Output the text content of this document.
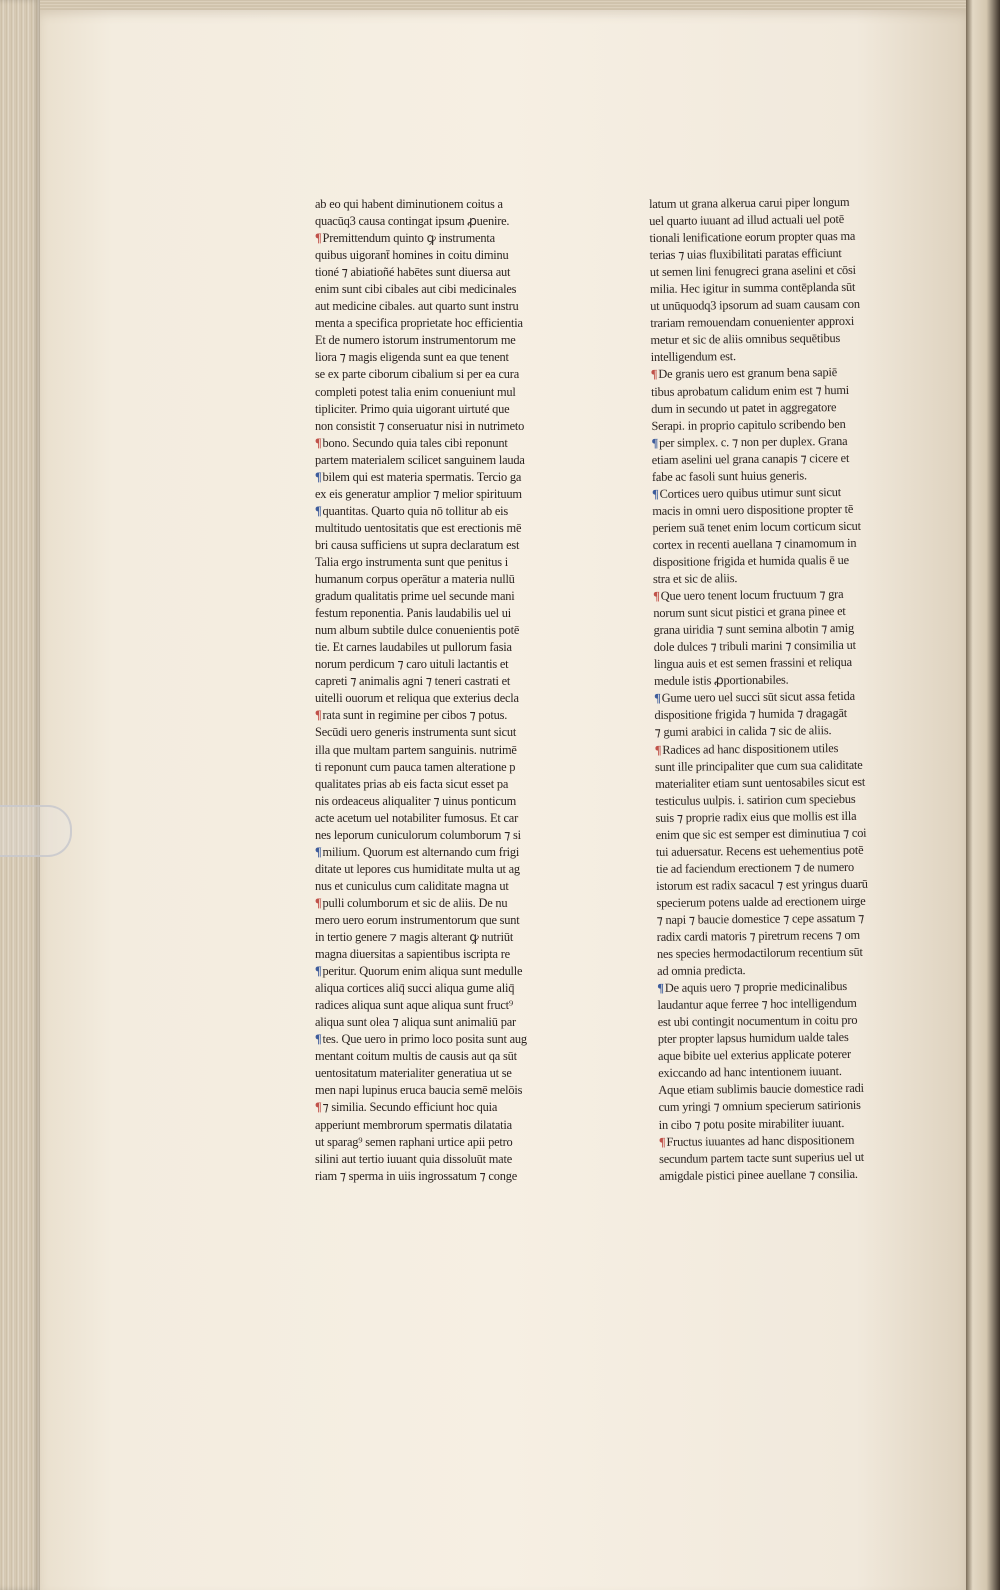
ab eo qui habent diminutionem coitus a
quacūq3 causa contingat ipsum ꝓuenire.
¶Premittendum quinto ꝙ instrumenta
quibus uigorant̄ homines in coitu diminu
tioné ⁊ abiatioñé habētes sunt diuersa aut
enim sunt cibi cibales aut cibi medicinales
aut medicine cibales. aut quarto sunt instru
menta a specifica proprietate hoc efficientia
Et de numero istorum instrumentorum me
liora ⁊ magis eligenda sunt ea que tenent
se ex parte ciborum cibalium si per ea cura
completi potest talia enim conueniunt mul
tipliciter. Primo quia uigorant uirtuté que
non consistit ⁊ conseruatur nisi in nutrimeto
¶bono. Secundo quia tales cibi reponunt
partem materialem scilicet sanguinem lauda
¶bilem qui est materia spermatis. Tercio ga
ex eis generatur amplior ⁊ melior spirituum
¶quantitas. Quarto quia nō tollitur ab eis
multitudo uentositatis que est erectionis mē
bri causa sufficiens ut supra declaratum est
Talia ergo instrumenta sunt que penitus i
humanum corpus operātur a materia nullū
gradum qualitatis prime uel secunde mani
festum reponentia. Panis laudabilis uel ui
num album subtile dulce conuenientis potē
tie. Et carnes laudabiles ut pullorum fasia
norum perdicum ⁊ caro uituli lactantis et
capreti ⁊ animalis agni ⁊ teneri castrati et
uitelli ouorum et reliqua que exterius decla
¶rata sunt in regimine per cibos ⁊ potus.
Secūdi uero generis instrumenta sunt sicut
illa que multam partem sanguinis. nutrimē
ti reponunt cum pauca tamen alteratione p
qualitates prias ab eis facta sicut esset pa
nis ordeaceus aliqualiter ⁊ uinus ponticum
acte acetum uel notabiliter fumosus. Et car
nes leporum cuniculorum columborum ⁊ si
¶milium. Quorum est alternando cum frigi
ditate ut lepores cus humiditate multa ut ag
nus et cuniculus cum caliditate magna ut
¶pulli columborum et sic de aliis. De nu
mero uero eorum instrumentorum que sunt
in tertio genere ⁊ magis alterant ꝙ nutriūt
magna diuersitas a sapientibus iscripta re
¶peritur. Quorum enim aliqua sunt medulle
aliqua cortices aliq̄ succi aliqua gume aliq̄
radices aliqua sunt aque aliqua sunt fruct⁹
aliqua sunt olea ⁊ aliqua sunt animaliū par
¶tes. Que uero in primo loco posita sunt aug
mentant coitum multis de causis aut qa sūt
uentositatum materialiter generatiua ut se
men napi lupinus eruca baucia semē melōis
¶⁊ similia. Secundo efficiunt hoc quia
apperiunt membrorum spermatis dilatatia
ut sparag⁹ semen raphani urtice apii petro
silini aut tertio iuuant quia dissoluūt mate
riam ⁊ sperma in uiis ingrossatum ⁊ conge
latum ut grana alkerua carui piper longum
uel quarto iuuant ad illud actuali uel potē
tionali lenificatione eorum propter quas ma
terias ⁊ uias fluxibilitati paratas efficiunt
ut semen lini fenugreci grana aselini et cōsi
milia. Hec igitur in summa contēplanda sūt
ut unūquodq3 ipsorum ad suam causam con
trariam remouendam conuenienter approxi
metur et sic de aliis omnibus sequētibus
intelligendum est.
¶De granis uero est granum bena sapiē
tibus aprobatum calidum enim est ⁊ humi
dum in secundo ut patet in aggregatore
Serapi. in proprio capitulo scribendo ben
¶per simplex. c. ⁊ non per duplex. Grana
etiam aselini uel grana canapis ⁊ cicere et
fabe ac fasoli sunt huius generis.
¶Cortices uero quibus utimur sunt sicut
macis in omni uero dispositione propter tē
periem suā tenet enim locum corticum sicut
cortex in recenti auellana ⁊ cinamomum in
dispositione frigida et humida qualis ē ue
stra et sic de aliis.
¶Que uero tenent locum fructuum ⁊ gra
norum sunt sicut pistici et grana pinee et
grana uiridia ⁊ sunt semina albotin ⁊ amig
dole dulces ⁊ tribuli marini ⁊ consimilia ut
lingua auis et est semen frassini et reliqua
medule istis ꝓportionabiles.
¶Gume uero uel succi sūt sicut assa fetida
dispositione frigida ⁊ humida ⁊ dragagāt
⁊ gumi arabici in calida ⁊ sic de aliis.
¶Radices ad hanc dispositionem utiles
sunt ille principaliter que cum sua caliditate
materialiter etiam sunt uentosabiles sicut est
testiculus uulpis. i. satirion cum speciebus
suis ⁊ proprie radix eius que mollis est illa
enim que sic est semper est diminutiua ⁊ coi
tui aduersatur. Recens est uehementius potē
tie ad faciendum erectionem ⁊ de numero
istorum est radix sacacul ⁊ est yringus duarū
specierum potens ualde ad erectionem uirge
⁊ napi ⁊ baucie domestice ⁊ cepe assatum ⁊
radix cardi matoris ⁊ piretrum recens ⁊ om
nes species hermodactilorum recentium sūt
ad omnia predicta.
¶De aquis uero ⁊ proprie medicinalibus
laudantur aque ferree ⁊ hoc intelligendum
est ubi contingit nocumentum in coitu pro
pter propter lapsus humidum ualde tales
aque bibite uel exterius applicate poterer
exiccando ad hanc intentionem iuuant.
Aque etiam sublimis baucie domestice radi
cum yringi ⁊ omnium specierum satirionis
in cibo ⁊ potu posite mirabiliter iuuant.
¶Fructus iuuantes ad hanc dispositionem
secundum partem tacte sunt superius uel ut
amigdale pistici pinee auellane ⁊ consilia.
